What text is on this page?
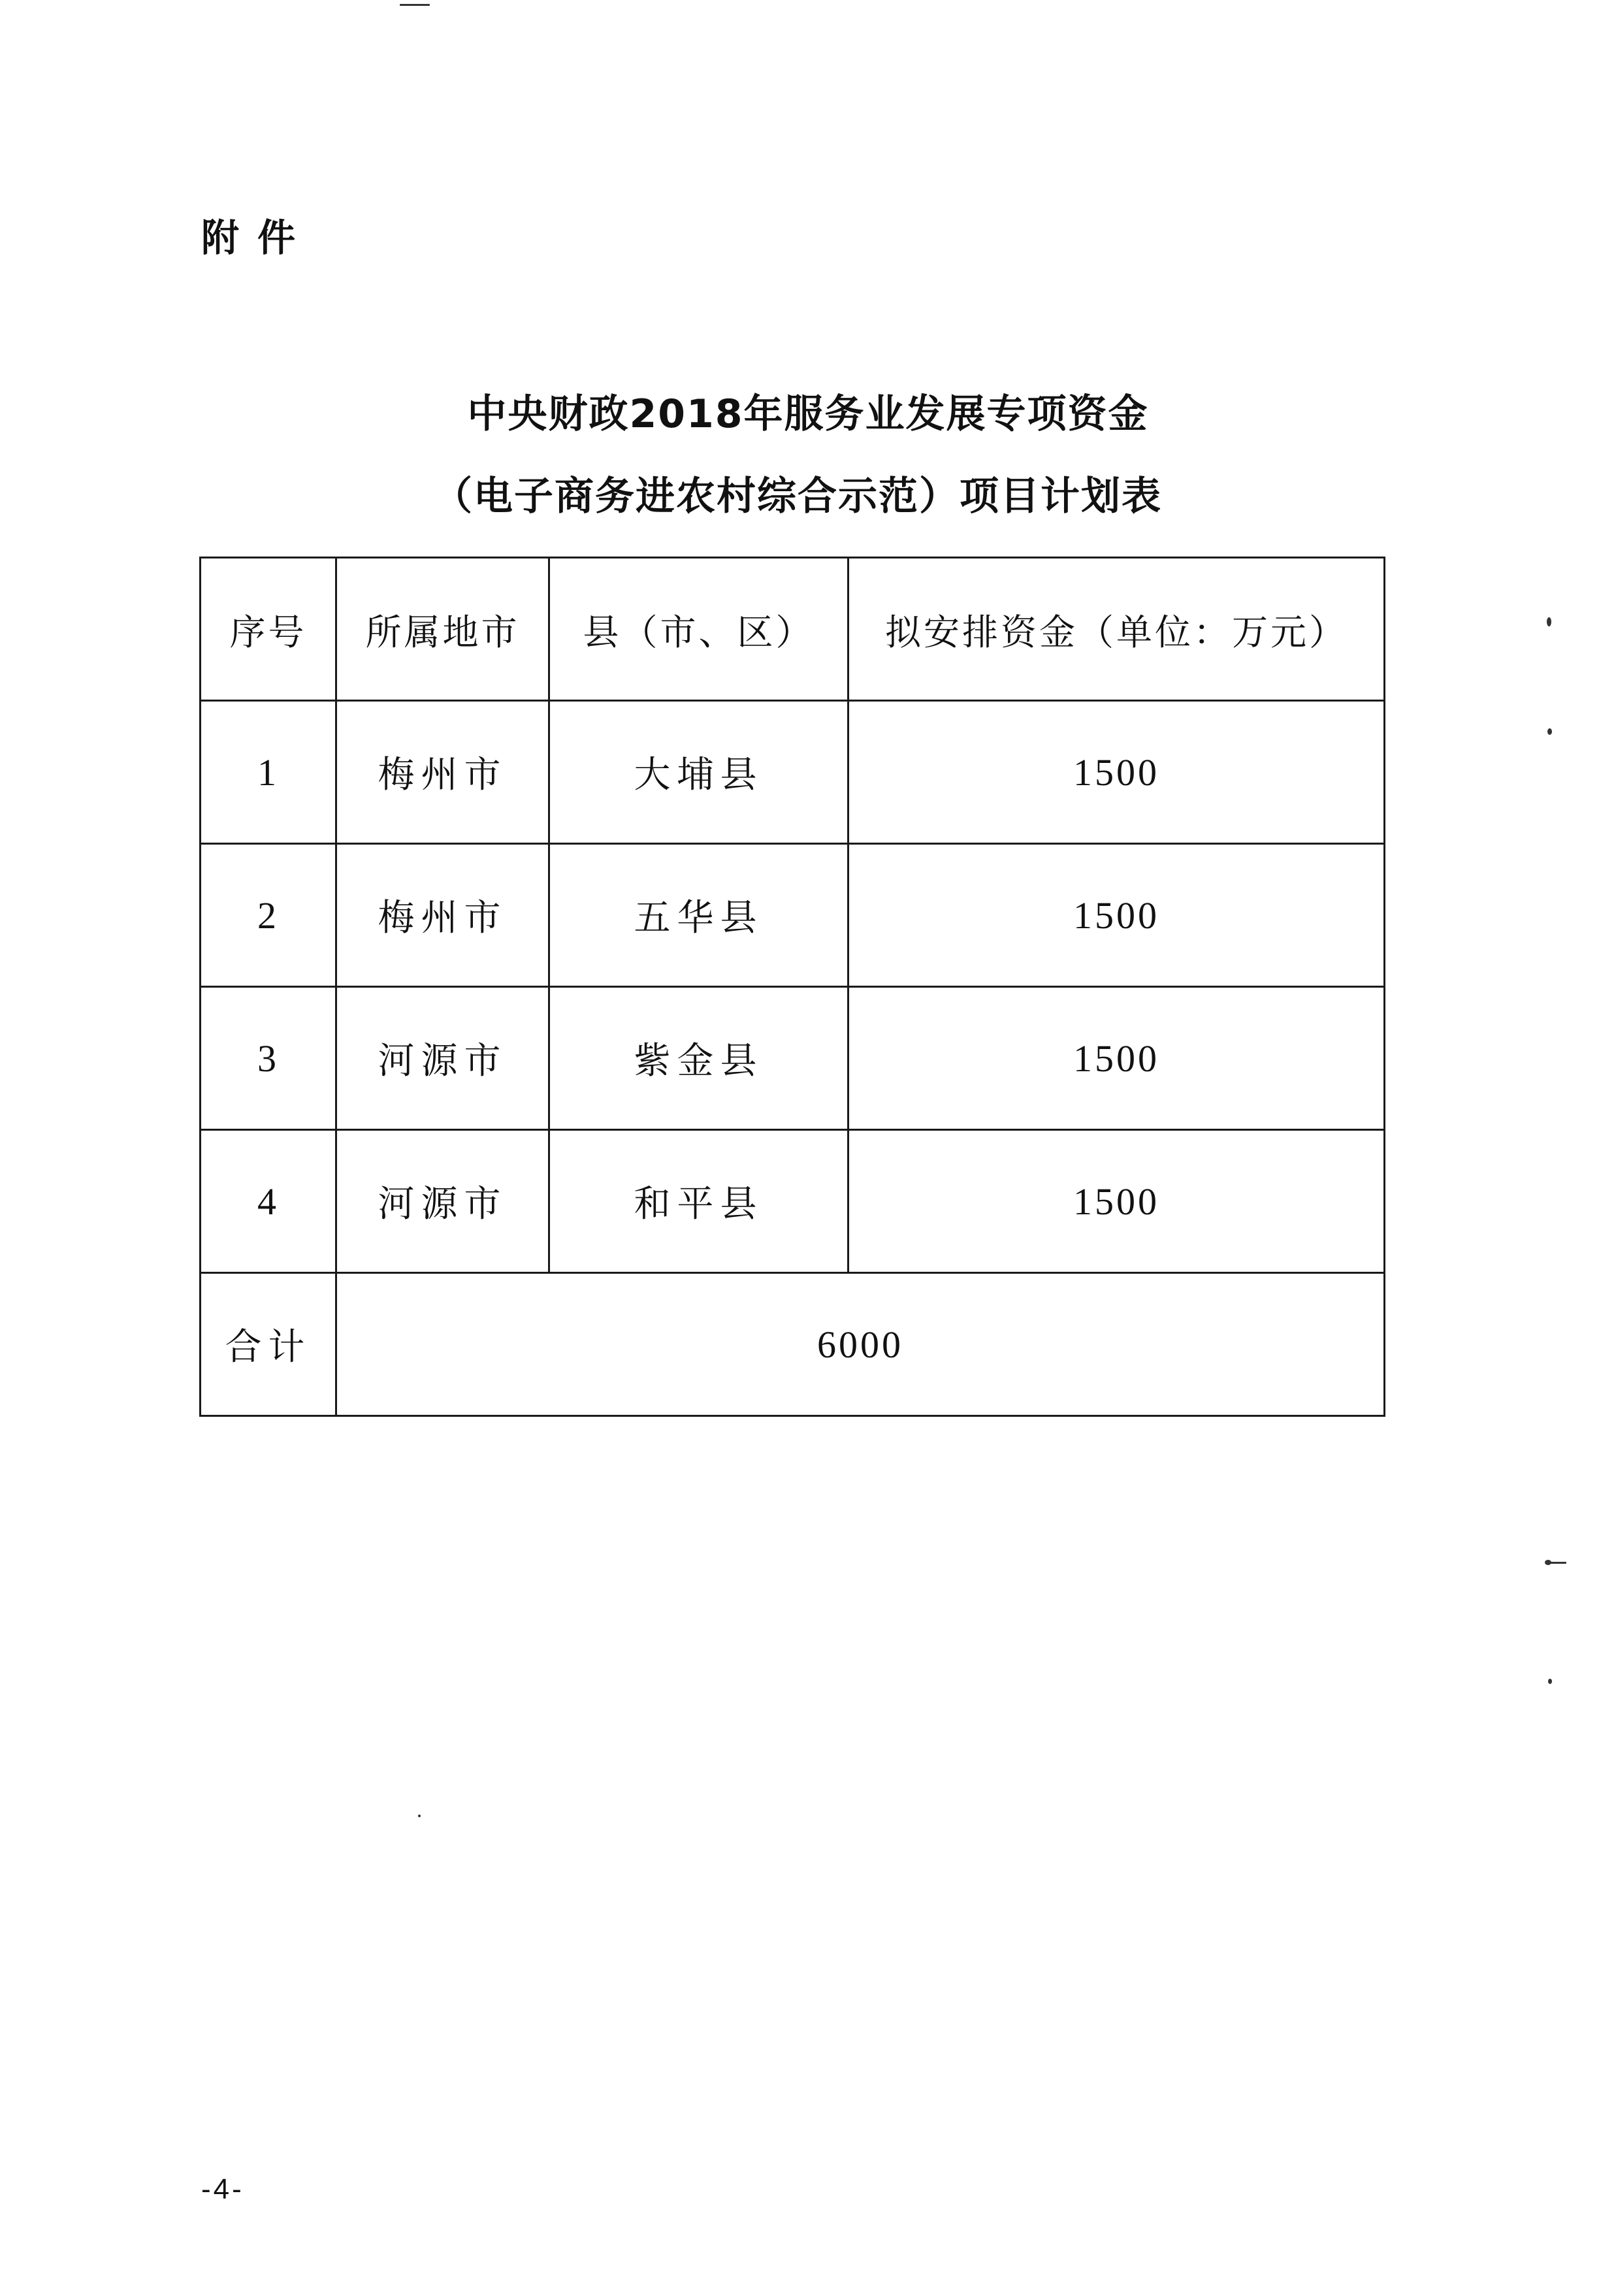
附件
中央财政2018年服务业发展专项资金
（电子商务进农村综合示范）项目计划表
序号	所属地市	县（市、区）	拟安排资金（单位：万元）
1	梅州市	大埔县	1500
2	梅州市	五华县	1500
3	河源市	紫金县	1500
4	河源市	和平县	1500
合计	6000		
-4-
